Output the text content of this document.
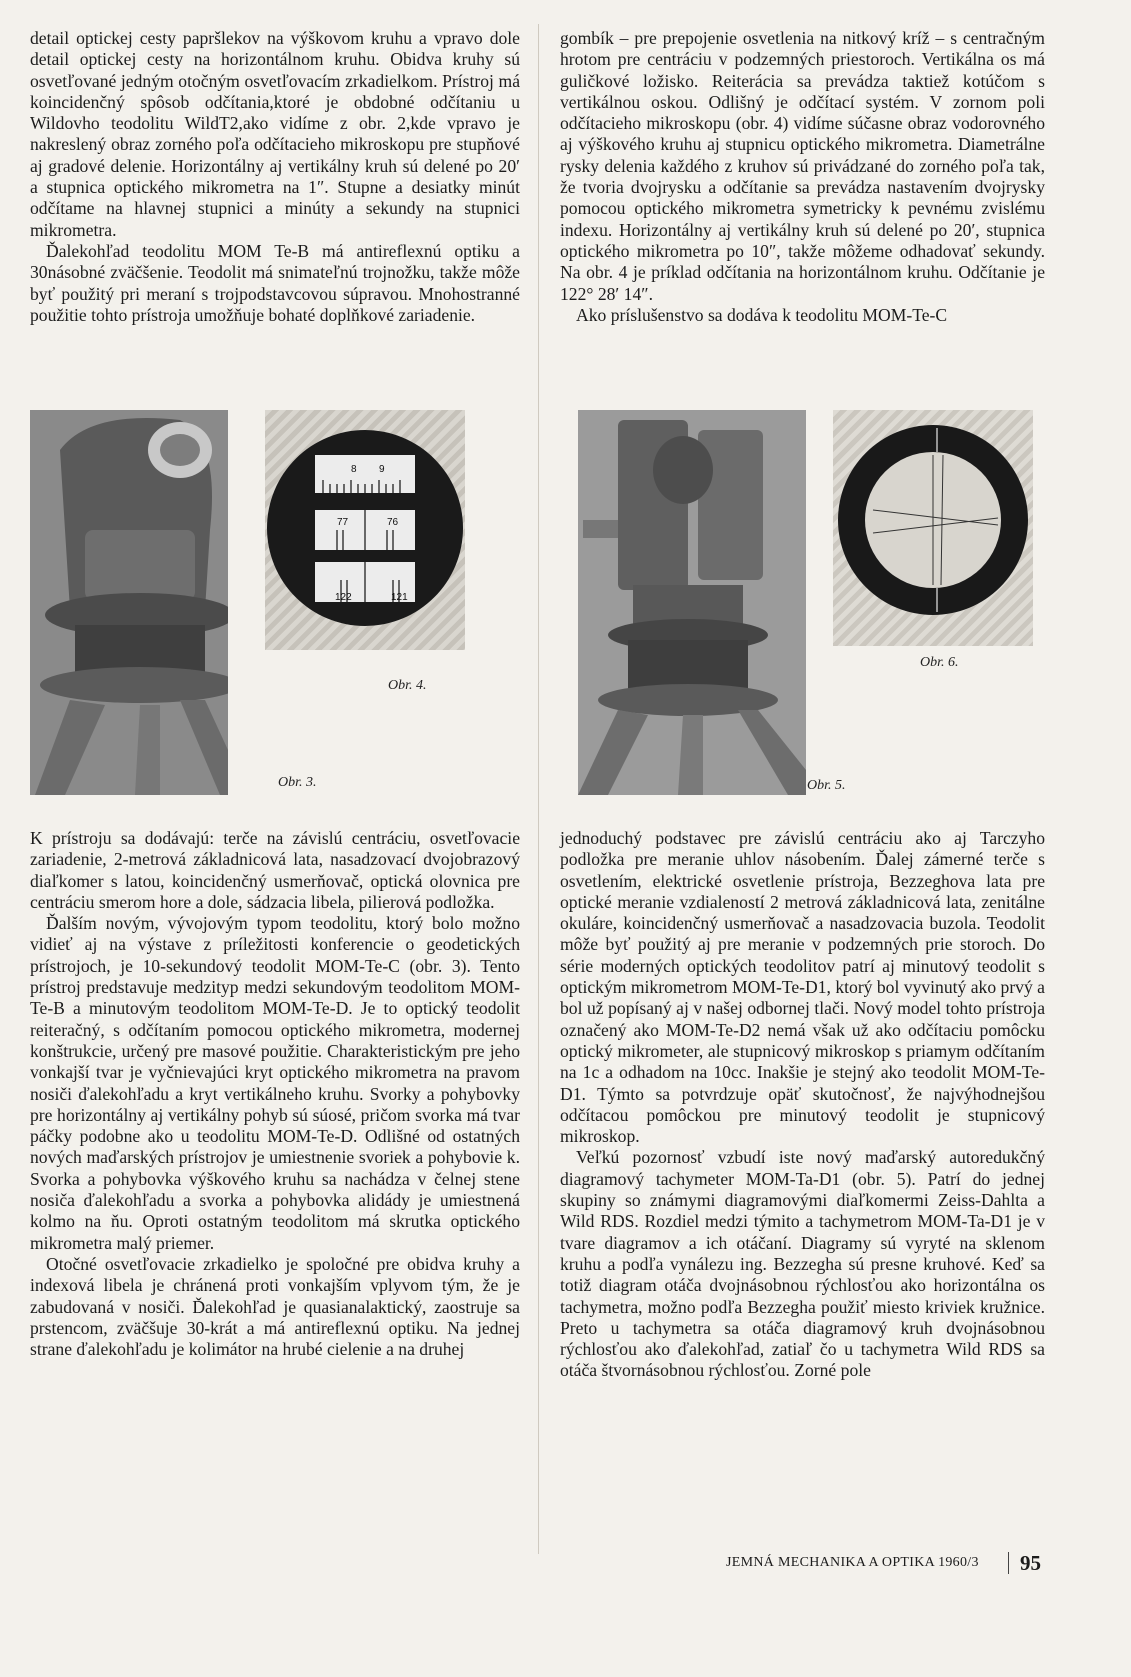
detail optickej cesty papršlekov na výškovom kruhu a vpravo dole detail optickej cesty na horizontálnom kruhu. Obidva kruhy sú osvetľované jedným otočným osvetľovacím zrkadielkom. Prístroj má koincidenčný spôsob odčítania,ktoré je obdobné odčítaniu u Wildovho teodolitu WildT2,ako vidíme z obr. 2,kde vpravo je nakreslený obraz zorného poľa odčítacieho mikroskopu pre stupňové aj gradové delenie. Horizontálny aj vertikálny kruh sú delené po 20′ a stupnica optického mikrometra na 1″. Stupne a desiatky minút odčítame na hlavnej stupnici a minúty a sekundy na stupnici mikrometra.

Ďalekohľad teodolitu MOM Te-B má antireflexnú optiku a 30násobné zväčšenie. Teodolit má snimateľnú trojnožku, takže môže byť použitý pri meraní s trojpodstavcovou súpravou. Mnohostranné použitie tohto prístroja umožňuje bohaté doplňkové zariadenie.

gombík – pre prepojenie osvetlenia na nitkový kríž – s centračným hrotom pre centráciu v podzemných priestoroch. Vertikálna os má guličkové ložisko. Reiterácia sa prevádza taktiež kotúčom s vertikálnou oskou. Odlišný je odčítací systém. V zornom poli odčítacieho mikroskopu (obr. 4) vidíme súčasne obraz vodorovného aj výškového kruhu aj stupnicu optického mikrometra. Diametrálne rysky delenia každého z kruhov sú privádzané do zorného poľa tak, že tvoria dvojrysku a odčítanie sa prevádza nastavením dvojrysky pomocou optického mikrometra symetricky k pevnému zvislému indexu. Horizontálny aj vertikálny kruh sú delené po 20′, stupnica optického mikrometra po 10″, takže môžeme odhadovať sekundy. Na obr. 4 je príklad odčítania na horizontálnom kruhu. Odčítanie je 122° 28′ 14″.

Ako príslušenstvo sa dodáva k teodolitu MOM-Te-C

Obr. 3.
8 9
77	76
122	121
Obr. 4.
Obr. 5.
Obr. 6.

K prístroju sa dodávajú: terče na závislú centráciu, osvetľovacie zariadenie, 2-metrová základnicová lata, nasadzovací dvojobrazový diaľkomer s latou, koincidenčný usmerňovač, optická olovnica pre centráciu smerom hore a dole, sádzacia libela, pilierová podložka.

Ďalším novým, vývojovým typom teodolitu, ktorý bolo možno vidieť aj na výstave z príležitosti konferencie o geodetických prístrojoch, je 10-sekundový teodolit MOM-Te-C (obr. 3). Tento prístroj predstavuje medzityp medzi sekundovým teodolitom MOM-Te-B a minutovým teodolitom MOM-Te-D. Je to optický teodolit reiteračný, s odčítaním pomocou optického mikrometra, modernej konštrukcie, určený pre masové použitie. Charakteristickým pre jeho vonkajší tvar je vyčnievajúci kryt optického mikrometra na pravom nosiči ďalekohľadu a kryt vertikálneho kruhu. Svorky a pohybovky pre horizontálny aj vertikálny pohyb sú súosé, pričom svorka má tvar páčky podobne ako u teodolitu MOM-Te-D. Odlišné od ostatných nových maďarských prístrojov je umiestnenie svoriek a pohybovie k. Svorka a pohybovka výškového kruhu sa nachádza v čelnej stene nosiča ďalekohľadu a svorka a pohybovka alidády je umiestnená kolmo na ňu. Oproti ostatným teodolitom má skrutka optického mikrometra malý priemer.

Otočné osvetľovacie zrkadielko je spoločné pre obidva kruhy a indexová libela je chránená proti vonkajším vplyvom tým, že je zabudovaná v nosiči. Ďalekohľad je quasianalaktický, zaostruje sa prstencom, zväčšuje 30-krát a má antireflexnú optiku. Na jednej strane ďalekohľadu je kolimátor na hrubé cielenie a na druhej

jednoduchý podstavec pre závislú centráciu ako aj Tarczyho podložka pre meranie uhlov násobením. Ďalej zámerné terče s osvetlením, elektrické osvetlenie prístroja, Bezzeghova lata pre optické meranie vzdialeností 2 metrová základnicová lata, zenitálne okuláre, koincidenčný usmerňovač a nasadzovacia buzola. Teodolit môže byť použitý aj pre meranie v podzemných prie storoch. Do série moderných optických teodolitov patrí aj minutový teodolit s optickým mikrometrom MOM-Te-D1, ktorý bol vyvinutý ako prvý a bol už popísaný aj v našej odbornej tlači. Nový model tohto prístroja označený ako MOM-Te-D2 nemá však už ako odčítaciu pomôcku optický mikrometer, ale stupnicový mikroskop s priamym odčítaním na 1c a odhadom na 10cc. Inakšie je stejný ako teodolit MOM-Te-D1. Týmto sa potvrdzuje opäť skutočnosť, že najvýhodnejšou odčítacou pomôckou pre minutový teodolit je stupnicový mikroskop.

Veľkú pozornosť vzbudí iste nový maďarský autoredukčný diagramový tachymeter MOM-Ta-D1 (obr. 5). Patrí do jednej skupiny so známymi diagramovými diaľkomermi Zeiss-Dahlta a Wild RDS. Rozdiel medzi týmito a tachymetrom MOM-Ta-D1 je v tvare diagramov a ich otáčaní. Diagramy sú vyryté na sklenom kruhu a podľa vynálezu ing. Bezzegha sú presne kruhové. Keď sa totiž diagram otáča dvojnásobnou rýchlosťou ako horizontálna os tachymetra, možno podľa Bezzegha použiť miesto kriviek kružnice. Preto u tachymetra sa otáča diagramový kruh dvojnásobnou rýchlosťou ako ďalekohľad, zatiaľ čo u tachymetra Wild RDS sa otáča štvornásobnou rýchlosťou. Zorné pole

JEMNÁ MECHANIKA A OPTIKA 1960/3 95
